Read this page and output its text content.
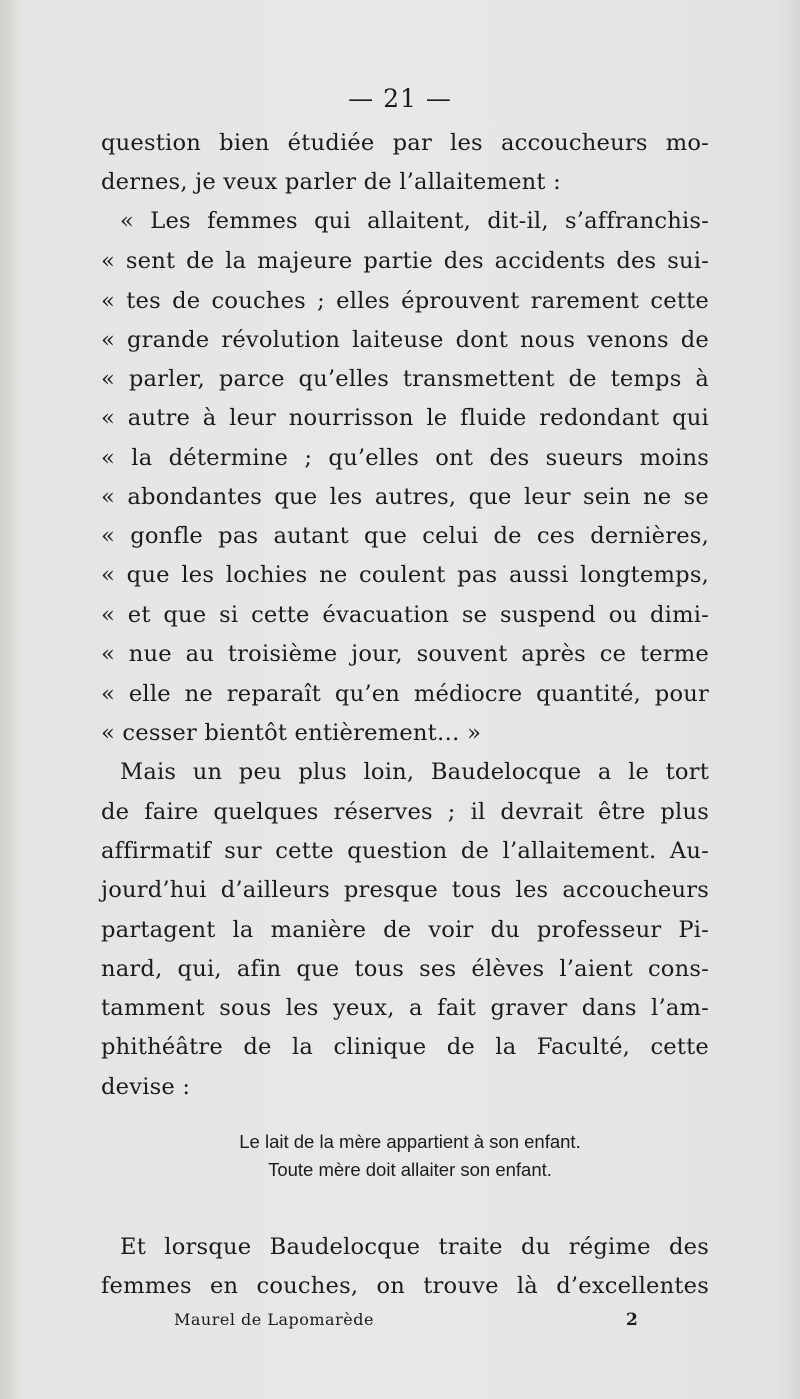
— 21 —
question bien étudiée par les accoucheurs mo-
dernes, je veux parler de l’allaitement :
« Les femmes qui allaitent, dit-il, s’affranchis-
« sent de la majeure partie des accidents des sui-
« tes de couches ; elles éprouvent rarement cette
« grande révolution laiteuse dont nous venons de
« parler, parce qu’elles transmettent de temps à
« autre à leur nourrisson le fluide redondant qui
« la détermine ; qu’elles ont des sueurs moins
« abondantes que les autres, que leur sein ne se
« gonfle pas autant que celui de ces dernières,
« que les lochies ne coulent pas aussi longtemps,
« et que si cette évacuation se suspend ou dimi-
« nue au troisième jour, souvent après ce terme
« elle ne reparaît qu’en médiocre quantité, pour
« cesser bientôt entièrement… »
Mais un peu plus loin, Baudelocque a le tort
de faire quelques réserves ; il devrait être plus
affirmatif sur cette question de l’allaitement. Au-
jourd’hui d’ailleurs presque tous les accoucheurs
partagent la manière de voir du professeur Pi-
nard, qui, afin que tous ses élèves l’aient cons-
tamment sous les yeux, a fait graver dans l’am-
phithéâtre de la clinique de la Faculté, cette
devise :
Le lait de la mère appartient à son enfant.
Toute mère doit allaiter son enfant.
Et lorsque Baudelocque traite du régime des
femmes en couches, on trouve là d’excellentes
Maurel de Lapomarède	2
